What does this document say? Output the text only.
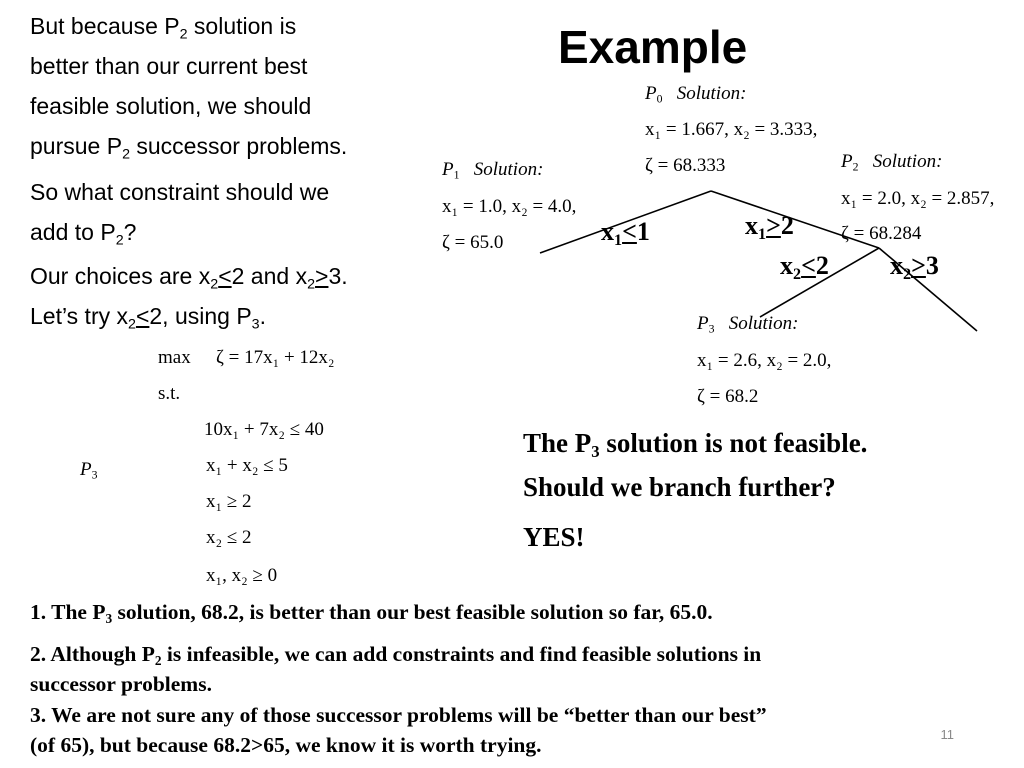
Example
But because $P_2$ solution is
better than our current best
feasible solution, we should
pursue $P_2$ successor problems.
So what constraint should we
add to $P_2$?
Our choices are $x_2<2$ and $x_2>3$.
Let’s try $x_2<2$, using $P_3$.
max ζ = 17x₁ + 12x₂
s.t.
10x₁ + 7x₂ ≤ 40
x₁ + x₂ ≤ 5
x₁ ≥ 2
x₂ ≤ 2
x₁, x₂ ≥ 0
$P_3$
$P_0$ Solution:
x₁ = 1.667, x₂ = 3.333,
ζ = 68.333
$P_1$ Solution:
x₁ = 1.0, x₂ = 4.0,
ζ = 65.0
$P_2$ Solution:
x₁ = 2.0, x₂ = 2.857,
ζ = 68.284
$P_3$ Solution:
x₁ = 2.6, x₂ = 2.0,
ζ = 68.2
$x_1<1$	$x_1>2$
$x_2<2$ $x_2>3$
The $P_3$ solution is not feasible.
Should we branch further?
YES!
1. The $P_3$ solution, 68.2, is better than our best feasible solution so far, 65.0.
2. Although $P_2$ is infeasible, we can add constraints and find feasible solutions in
successor problems.
3. We are not sure any of those successor problems will be “better than our best”
(of 65), but because 68.2>65, we know it is worth trying.	11
